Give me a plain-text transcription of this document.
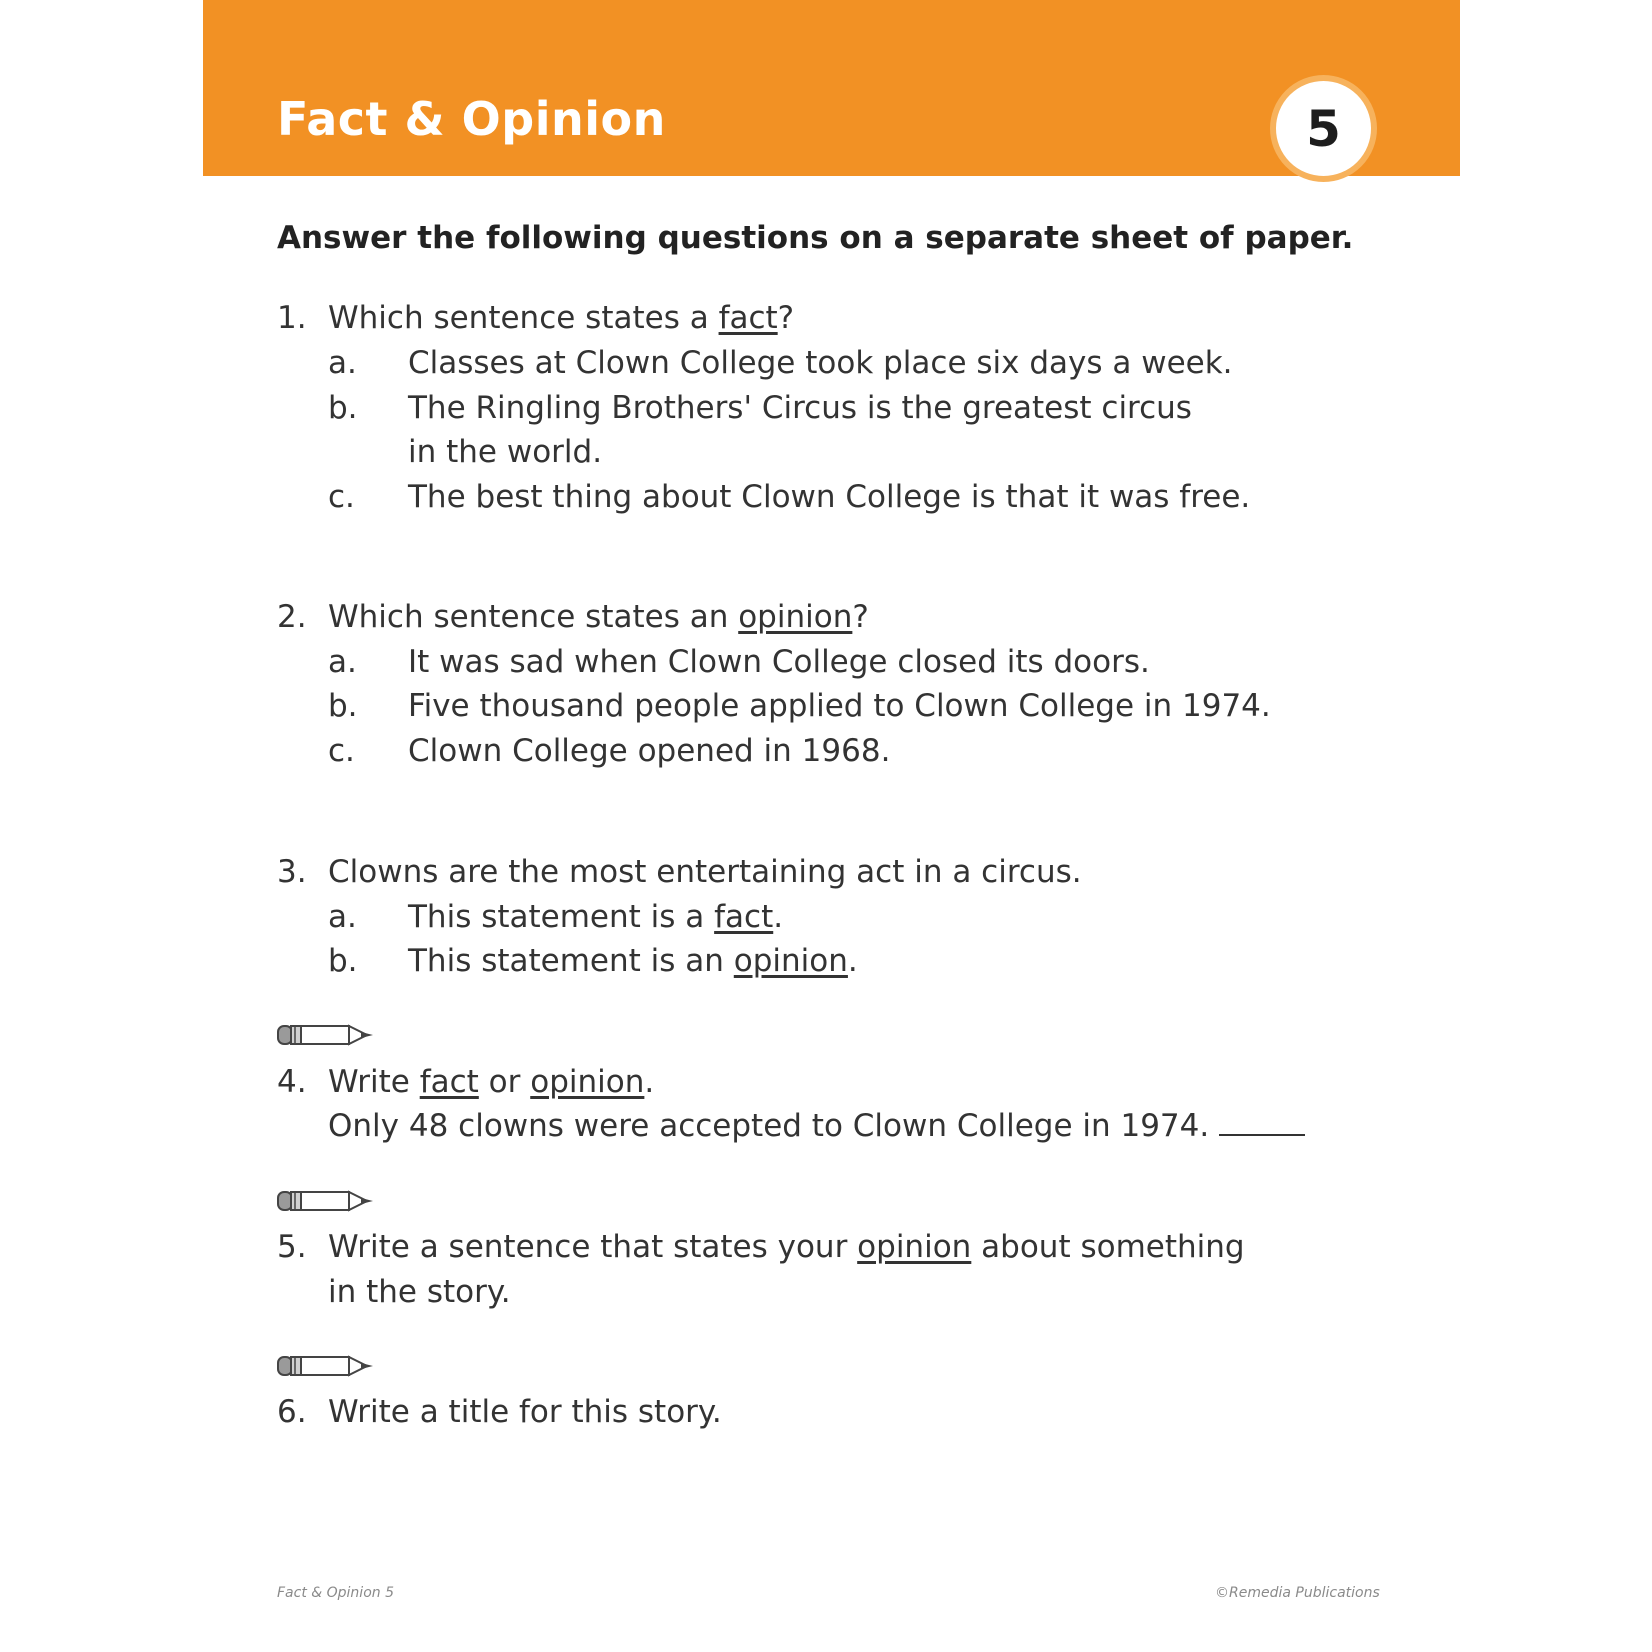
Fact & Opinion	5
Answer the following questions on a separate sheet of paper.
1. Which sentence states a fact?
a. Classes at Clown College took place six days a week.
b. The Ringling Brothers' Circus is the greatest circus
in the world.
c. The best thing about Clown College is that it was free.
2. Which sentence states an opinion?
a. It was sad when Clown College closed its doors.
b. Five thousand people applied to Clown College in 1974.
c. Clown College opened in 1968.
3. Clowns are the most entertaining act in a circus.
a. This statement is a fact.
b. This statement is an opinion.
4. Write fact or opinion.
Only 48 clowns were accepted to Clown College in 1974.
5. Write a sentence that states your opinion about something
in the story.
6. Write a title for this story.
Fact & Opinion 5	©Remedia Publications
